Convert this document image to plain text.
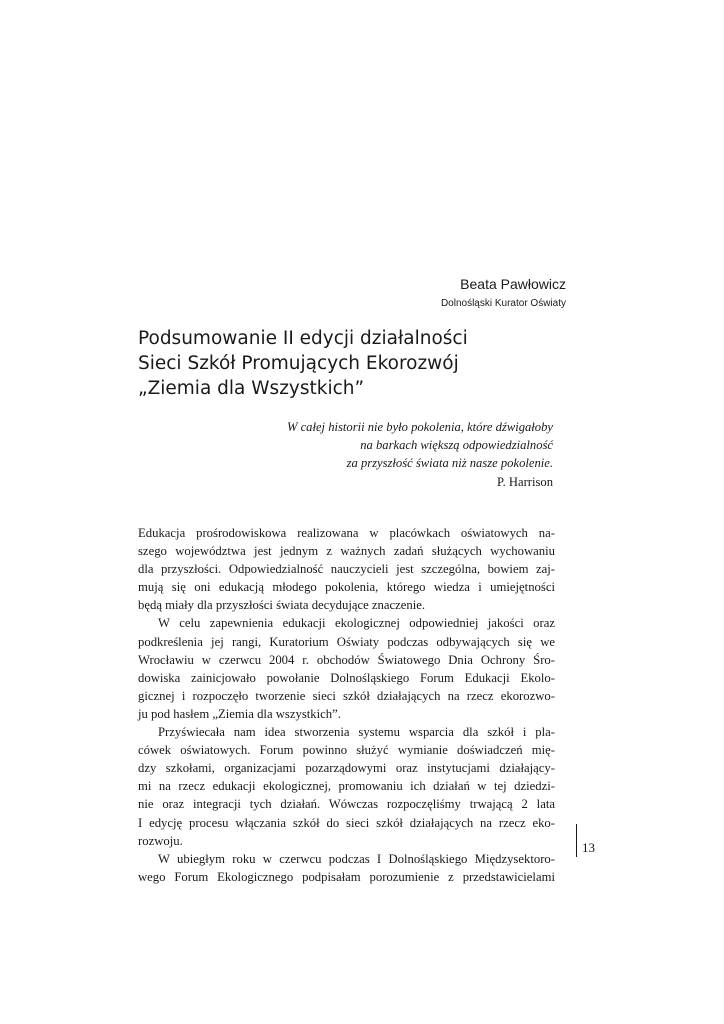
Beata Pawłowicz
Dolnośląski Kurator Oświaty
Podsumowanie II edycji działalności
Sieci Szkół Promujących Ekorozwój
„Ziemia dla Wszystkich”
W całej historii nie było pokolenia, które dźwigałoby
na barkach większą odpowiedzialność
za przyszłość świata niż nasze pokolenie.
P. Harrison
Edukacja prośrodowiskowa realizowana w placówkach oświatowych na-
szego województwa jest jednym z ważnych zadań służących wychowaniu
dla przyszłości. Odpowiedzialność nauczycieli jest szczególna, bowiem zaj-
mują się oni edukacją młodego pokolenia, którego wiedza i umiejętności
będą miały dla przyszłości świata decydujące znaczenie.
W celu zapewnienia edukacji ekologicznej odpowiedniej jakości oraz
podkreślenia jej rangi, Kuratorium Oświaty podczas odbywających się we
Wrocławiu w czerwcu 2004 r. obchodów Światowego Dnia Ochrony Śro-
dowiska zainicjowało powołanie Dolnośląskiego Forum Edukacji Ekolo-
gicznej i rozpoczęło tworzenie sieci szkół działających na rzecz ekorozwo-
ju pod hasłem „Ziemia dla wszystkich”.
Przyświecała nam idea stworzenia systemu wsparcia dla szkół i pla-
cówek oświatowych. Forum powinno służyć wymianie doświadczeń mię-
dzy szkołami, organizacjami pozarządowymi oraz instytucjami działający-
mi na rzecz edukacji ekologicznej, promowaniu ich działań w tej dziedzi-
nie oraz integracji tych działań. Wówczas rozpoczęliśmy trwającą 2 lata
I edycję procesu włączania szkół do sieci szkół działających na rzecz eko-
rozwoju.
W ubiegłym roku w czerwcu podczas I Dolnośląskiego Międzysektoro-
wego Forum Ekologicznego podpisałam porozumienie z przedstawicielami
13
